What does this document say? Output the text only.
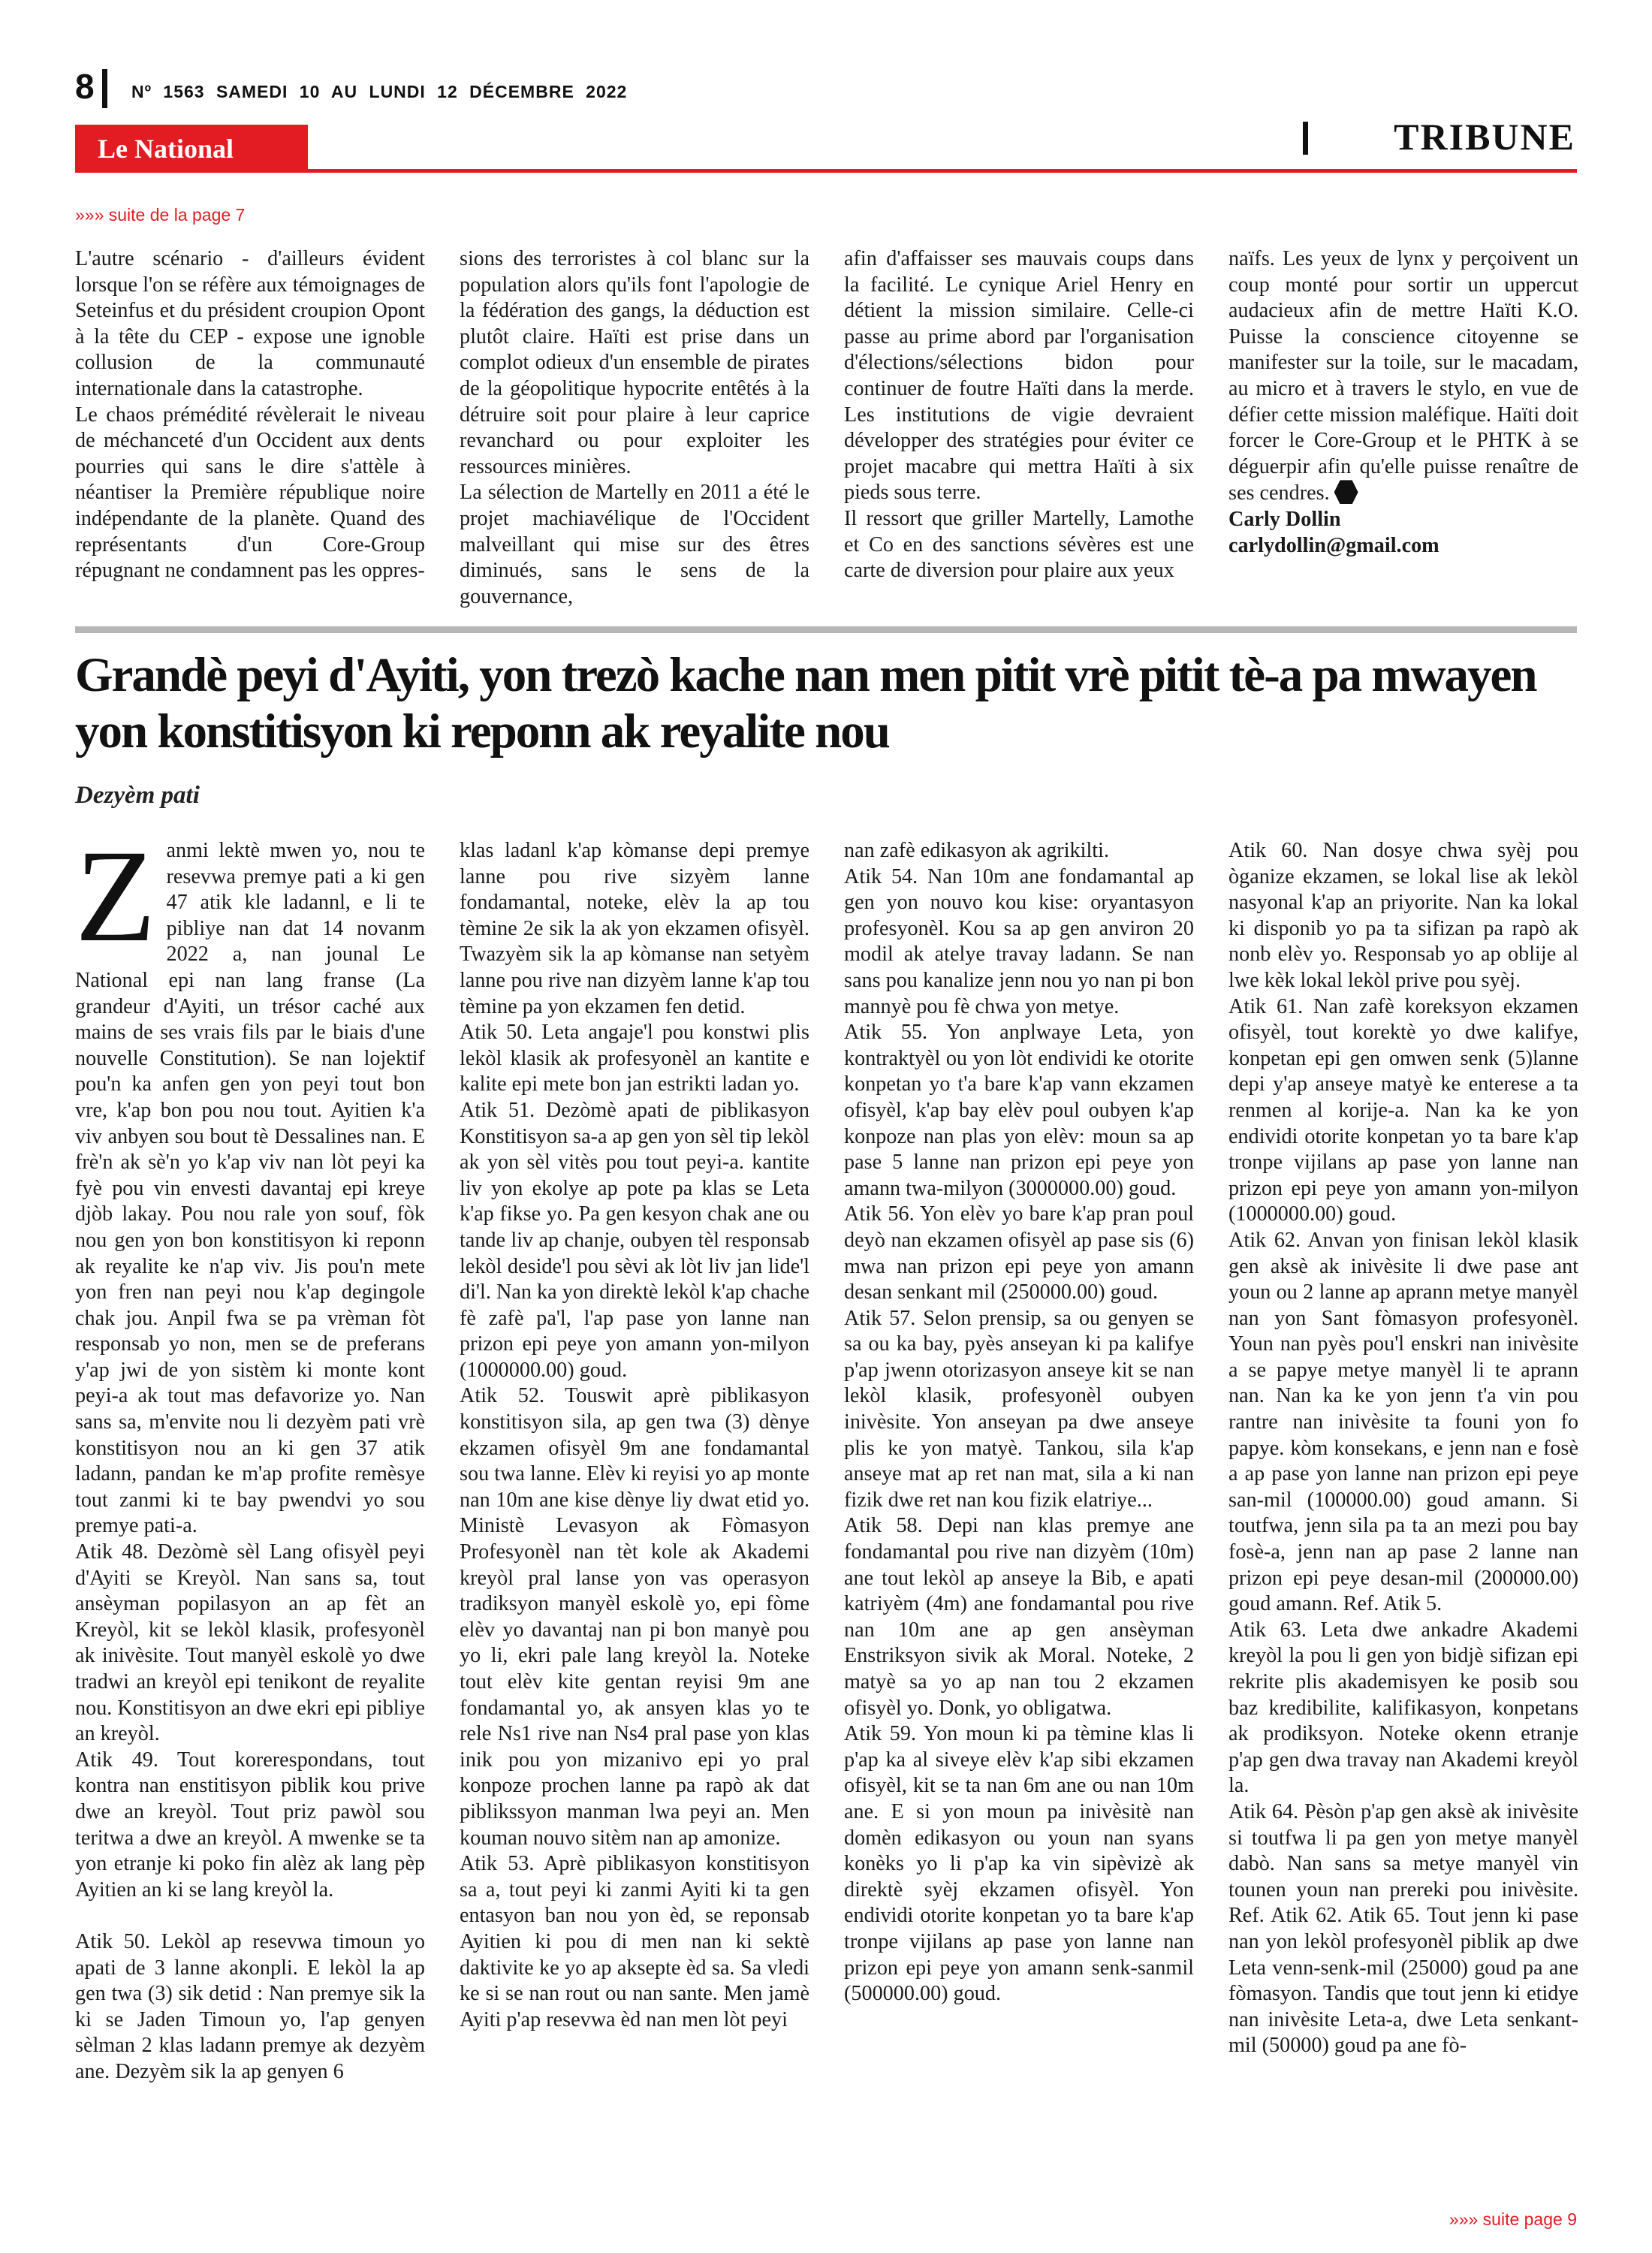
8 Nº 1563 SAMEDI 10 AU LUNDI 12 DÉCEMBRE 2022
Le National	TRIBUNE
»»» suite de la page 7

L'autre scénario - d'ailleurs évident lorsque l'on se réfère aux témoignages de Seteinfus et du président croupion Opont à la tête du CEP - expose une ignoble collusion de la communauté internationale dans la catastrophe.

Le chaos prémédité révèlerait le niveau de méchanceté d'un Occident aux dents pourries qui sans le dire s'attèle à néantiser la Première république noire indépendante de la planète. Quand des représentants d'un Core-Group répugnant ne condamnent pas les oppres-

sions des terroristes à col blanc sur la population alors qu'ils font l'apologie de la fédération des gangs, la déduction est plutôt claire. Haïti est prise dans un complot odieux d'un ensemble de pirates de la géopolitique hypocrite entêtés à la détruire soit pour plaire à leur caprice revanchard ou pour exploiter les ressources minières.

La sélection de Martelly en 2011 a été le projet machiavélique de l'Occident malveillant qui mise sur des êtres diminués, sans le sens de la gouvernance,

afin d'affaisser ses mauvais coups dans la facilité. Le cynique Ariel Henry en détient la mission similaire. Celle-ci passe au prime abord par l'organisation d'élections/sélections bidon pour continuer de foutre Haïti dans la merde. Les institutions de vigie devraient développer des stratégies pour éviter ce projet macabre qui mettra Haïti à six pieds sous terre.

Il ressort que griller Martelly, Lamothe et Co en des sanctions sévères est une carte de diversion pour plaire aux yeux

naïfs. Les yeux de lynx y perçoivent un coup monté pour sortir un uppercut audacieux afin de mettre Haïti K.O. Puisse la conscience citoyenne se manifester sur la toile, sur le macadam, au micro et à travers le stylo, en vue de défier cette mission maléfique. Haïti doit forcer le Core-Group et le PHTK à se déguerpir afin qu'elle puisse renaître de ses cendres.

Carly Dollin

carlydollin@gmail.com

Grandè peyi d'Ayiti, yon trezò kache nan men pitit vrè pitit tè-a pa mwayen yon konstitisyon ki reponn ak reyalite nou
Dezyèm pati

Zanmi lektè mwen yo, nou te resevwa premye pati a ki gen 47 atik kle ladannl, e li te pibliye nan dat 14 novanm 2022 a, nan jounal Le National epi nan lang franse (La grandeur d'Ayiti, un trésor caché aux mains de ses vrais fils par le biais d'une nouvelle Constitution). Se nan lojektif pou'n ka anfen gen yon peyi tout bon vre, k'ap bon pou nou tout. Ayitien k'a viv anbyen sou bout tè Dessalines nan. E frè'n ak sè'n yo k'ap viv nan lòt peyi ka fyè pou vin envesti davantaj epi kreye djòb lakay. Pou nou rale yon souf, fòk nou gen yon bon konstitisyon ki reponn ak reyalite ke n'ap viv. Jis pou'n mete yon fren nan peyi nou k'ap degingole chak jou. Anpil fwa se pa vrèman fòt responsab yo non, men se de preferans y'ap jwi de yon sistèm ki monte kont peyi-a ak tout mas defavorize yo. Nan sans sa, m'envite nou li dezyèm pati vrè konstitisyon nou an ki gen 37 atik ladann, pandan ke m'ap profite remèsye tout zanmi ki te bay pwendvi yo sou premye pati-a.

Atik 48. Dezòmè sèl Lang ofisyèl peyi d'Ayiti se Kreyòl. Nan sans sa, tout ansèyman popilasyon an ap fèt an Kreyòl, kit se lekòl klasik, profesyonèl ak inivèsite. Tout manyèl eskolè yo dwe tradwi an kreyòl epi tenikont de reyalite nou. Konstitisyon an dwe ekri epi pibliye an kreyòl.

Atik 49. Tout korerespondans, tout kontra nan enstitisyon piblik kou prive dwe an kreyòl. Tout priz pawòl sou teritwa a dwe an kreyòl. A mwenke se ta yon etranje ki poko fin alèz ak lang pèp Ayitien an ki se lang kreyòl la.

Atik 50. Lekòl ap resevwa timoun yo apati de 3 lanne akonpli. E lekòl la ap gen twa (3) sik detid : Nan premye sik la ki se Jaden Timoun yo, l'ap genyen sèlman 2 klas ladann premye ak dezyèm ane. Dezyèm sik la ap genyen 6

klas ladanl k'ap kòmanse depi premye lanne pou rive sizyèm lanne fondamantal, noteke, elèv la ap tou tèmine 2e sik la ak yon ekzamen ofisyèl. Twazyèm sik la ap kòmanse nan setyèm lanne pou rive nan dizyèm lanne k'ap tou tèmine pa yon ekzamen fen detid.

Atik 50. Leta angaje'l pou konstwi plis lekòl klasik ak profesyonèl an kantite e kalite epi mete bon jan estrikti ladan yo.

Atik 51. Dezòmè apati de piblikasyon Konstitisyon sa-a ap gen yon sèl tip lekòl ak yon sèl vitès pou tout peyi-a. kantite liv yon ekolye ap pote pa klas se Leta k'ap fikse yo. Pa gen kesyon chak ane ou tande liv ap chanje, oubyen tèl responsab lekòl deside'l pou sèvi ak lòt liv jan lide'l di'l. Nan ka yon direktè lekòl k'ap chache fè zafè pa'l, l'ap pase yon lanne nan prizon epi peye yon amann yon-milyon (1000000.00) goud.

Atik 52. Touswit aprè piblikasyon konstitisyon sila, ap gen twa (3) dènye ekzamen ofisyèl 9m ane fondamantal sou twa lanne. Elèv ki reyisi yo ap monte nan 10m ane kise dènye liy dwat etid yo. Ministè Levasyon ak Fòmasyon Profesyonèl nan tèt kole ak Akademi kreyòl pral lanse yon vas operasyon tradiksyon manyèl eskolè yo, epi fòme elèv yo davantaj nan pi bon manyè pou yo li, ekri pale lang kreyòl la. Noteke tout elèv kite gentan reyisi 9m ane fondamantal yo, ak ansyen klas yo te rele Ns1 rive nan Ns4 pral pase yon klas inik pou yon mizanivo epi yo pral konpoze prochen lanne pa rapò ak dat piblikssyon manman lwa peyi an. Men kouman nouvo sitèm nan ap amonize.

Atik 53. Aprè piblikasyon konstitisyon sa a, tout peyi ki zanmi Ayiti ki ta gen entasyon ban nou yon èd, se reponsab Ayitien ki pou di men nan ki sektè daktivite ke yo ap aksepte èd sa. Sa vledi ke si se nan rout ou nan sante. Men jamè Ayiti p'ap resevwa èd nan men lòt peyi

nan zafè edikasyon ak agrikilti.

Atik 54. Nan 10m ane fondamantal ap gen yon nouvo kou kise: oryantasyon profesyonèl. Kou sa ap gen anviron 20 modil ak atelye travay ladann. Se nan sans pou kanalize jenn nou yo nan pi bon mannyè pou fè chwa yon metye.

Atik 55. Yon anplwaye Leta, yon kontraktyèl ou yon lòt endividi ke otorite konpetan yo t'a bare k'ap vann ekzamen ofisyèl, k'ap bay elèv poul oubyen k'ap konpoze nan plas yon elèv: moun sa ap pase 5 lanne nan prizon epi peye yon amann twa-milyon (3000000.00) goud.

Atik 56. Yon elèv yo bare k'ap pran poul deyò nan ekzamen ofisyèl ap pase sis (6) mwa nan prizon epi peye yon amann desan senkant mil (250000.00) goud.

Atik 57. Selon prensip, sa ou genyen se sa ou ka bay, pyès anseyan ki pa kalifye p'ap jwenn otorizasyon anseye kit se nan lekòl klasik, profesyonèl oubyen inivèsite. Yon anseyan pa dwe anseye plis ke yon matyè. Tankou, sila k'ap anseye mat ap ret nan mat, sila a ki nan fizik dwe ret nan kou fizik elatriye...

Atik 58. Depi nan klas premye ane fondamantal pou rive nan dizyèm (10m) ane tout lekòl ap anseye la Bib, e apati katriyèm (4m) ane fondamantal pou rive nan 10m ane ap gen ansèyman Enstriksyon sivik ak Moral. Noteke, 2 matyè sa yo ap nan tou 2 ekzamen ofisyèl yo. Donk, yo obligatwa.

Atik 59. Yon moun ki pa tèmine klas li p'ap ka al siveye elèv k'ap sibi ekzamen ofisyèl, kit se ta nan 6m ane ou nan 10m ane. E si yon moun pa inivèsitè nan domèn edikasyon ou youn nan syans konèks yo li p'ap ka vin sipèvizè ak direktè syèj ekzamen ofisyèl. Yon endividi otorite konpetan yo ta bare k'ap tronpe vijilans ap pase yon lanne nan prizon epi peye yon amann senk-sanmil (500000.00) goud.

Atik 60. Nan dosye chwa syèj pou òganize ekzamen, se lokal lise ak lekòl nasyonal k'ap an priyorite. Nan ka lokal ki disponib yo pa ta sifizan pa rapò ak nonb elèv yo. Responsab yo ap oblije al lwe kèk lokal lekòl prive pou syèj.

Atik 61. Nan zafè koreksyon ekzamen ofisyèl, tout korektè yo dwe kalifye, konpetan epi gen omwen senk (5)lanne depi y'ap anseye matyè ke enterese a ta renmen al korije-a. Nan ka ke yon endividi otorite konpetan yo ta bare k'ap tronpe vijilans ap pase yon lanne nan prizon epi peye yon amann yon-milyon (1000000.00) goud.

Atik 62. Anvan yon finisan lekòl klasik gen aksè ak inivèsite li dwe pase ant youn ou 2 lanne ap aprann metye manyèl nan yon Sant fòmasyon profesyonèl. Youn nan pyès pou'l enskri nan inivèsite a se papye metye manyèl li te aprann nan. Nan ka ke yon jenn t'a vin pou rantre nan inivèsite ta founi yon fo papye. kòm konsekans, e jenn nan e fosè a ap pase yon lanne nan prizon epi peye san-mil (100000.00) goud amann. Si toutfwa, jenn sila pa ta an mezi pou bay fosè-a, jenn nan ap pase 2 lanne nan prizon epi peye desan-mil (200000.00) goud amann. Ref. Atik 5.

Atik 63. Leta dwe ankadre Akademi kreyòl la pou li gen yon bidjè sifizan epi rekrite plis akademisyen ke posib sou baz kredibilite, kalifikasyon, konpetans ak prodiksyon. Noteke okenn etranje p'ap gen dwa travay nan Akademi kreyòl la.

Atik 64. Pèsòn p'ap gen aksè ak inivèsite si toutfwa li pa gen yon metye manyèl dabò. Nan sans sa metye manyèl vin tounen youn nan prereki pou inivèsite. Ref. Atik 62. Atik 65. Tout jenn ki pase nan yon lekòl profesyonèl piblik ap dwe Leta venn-senk-mil (25000) goud pa ane fòmasyon. Tandis que tout jenn ki etidye nan inivèsite Leta-a, dwe Leta senkant-mil (50000) goud pa ane fò-

»»» suite page 9
